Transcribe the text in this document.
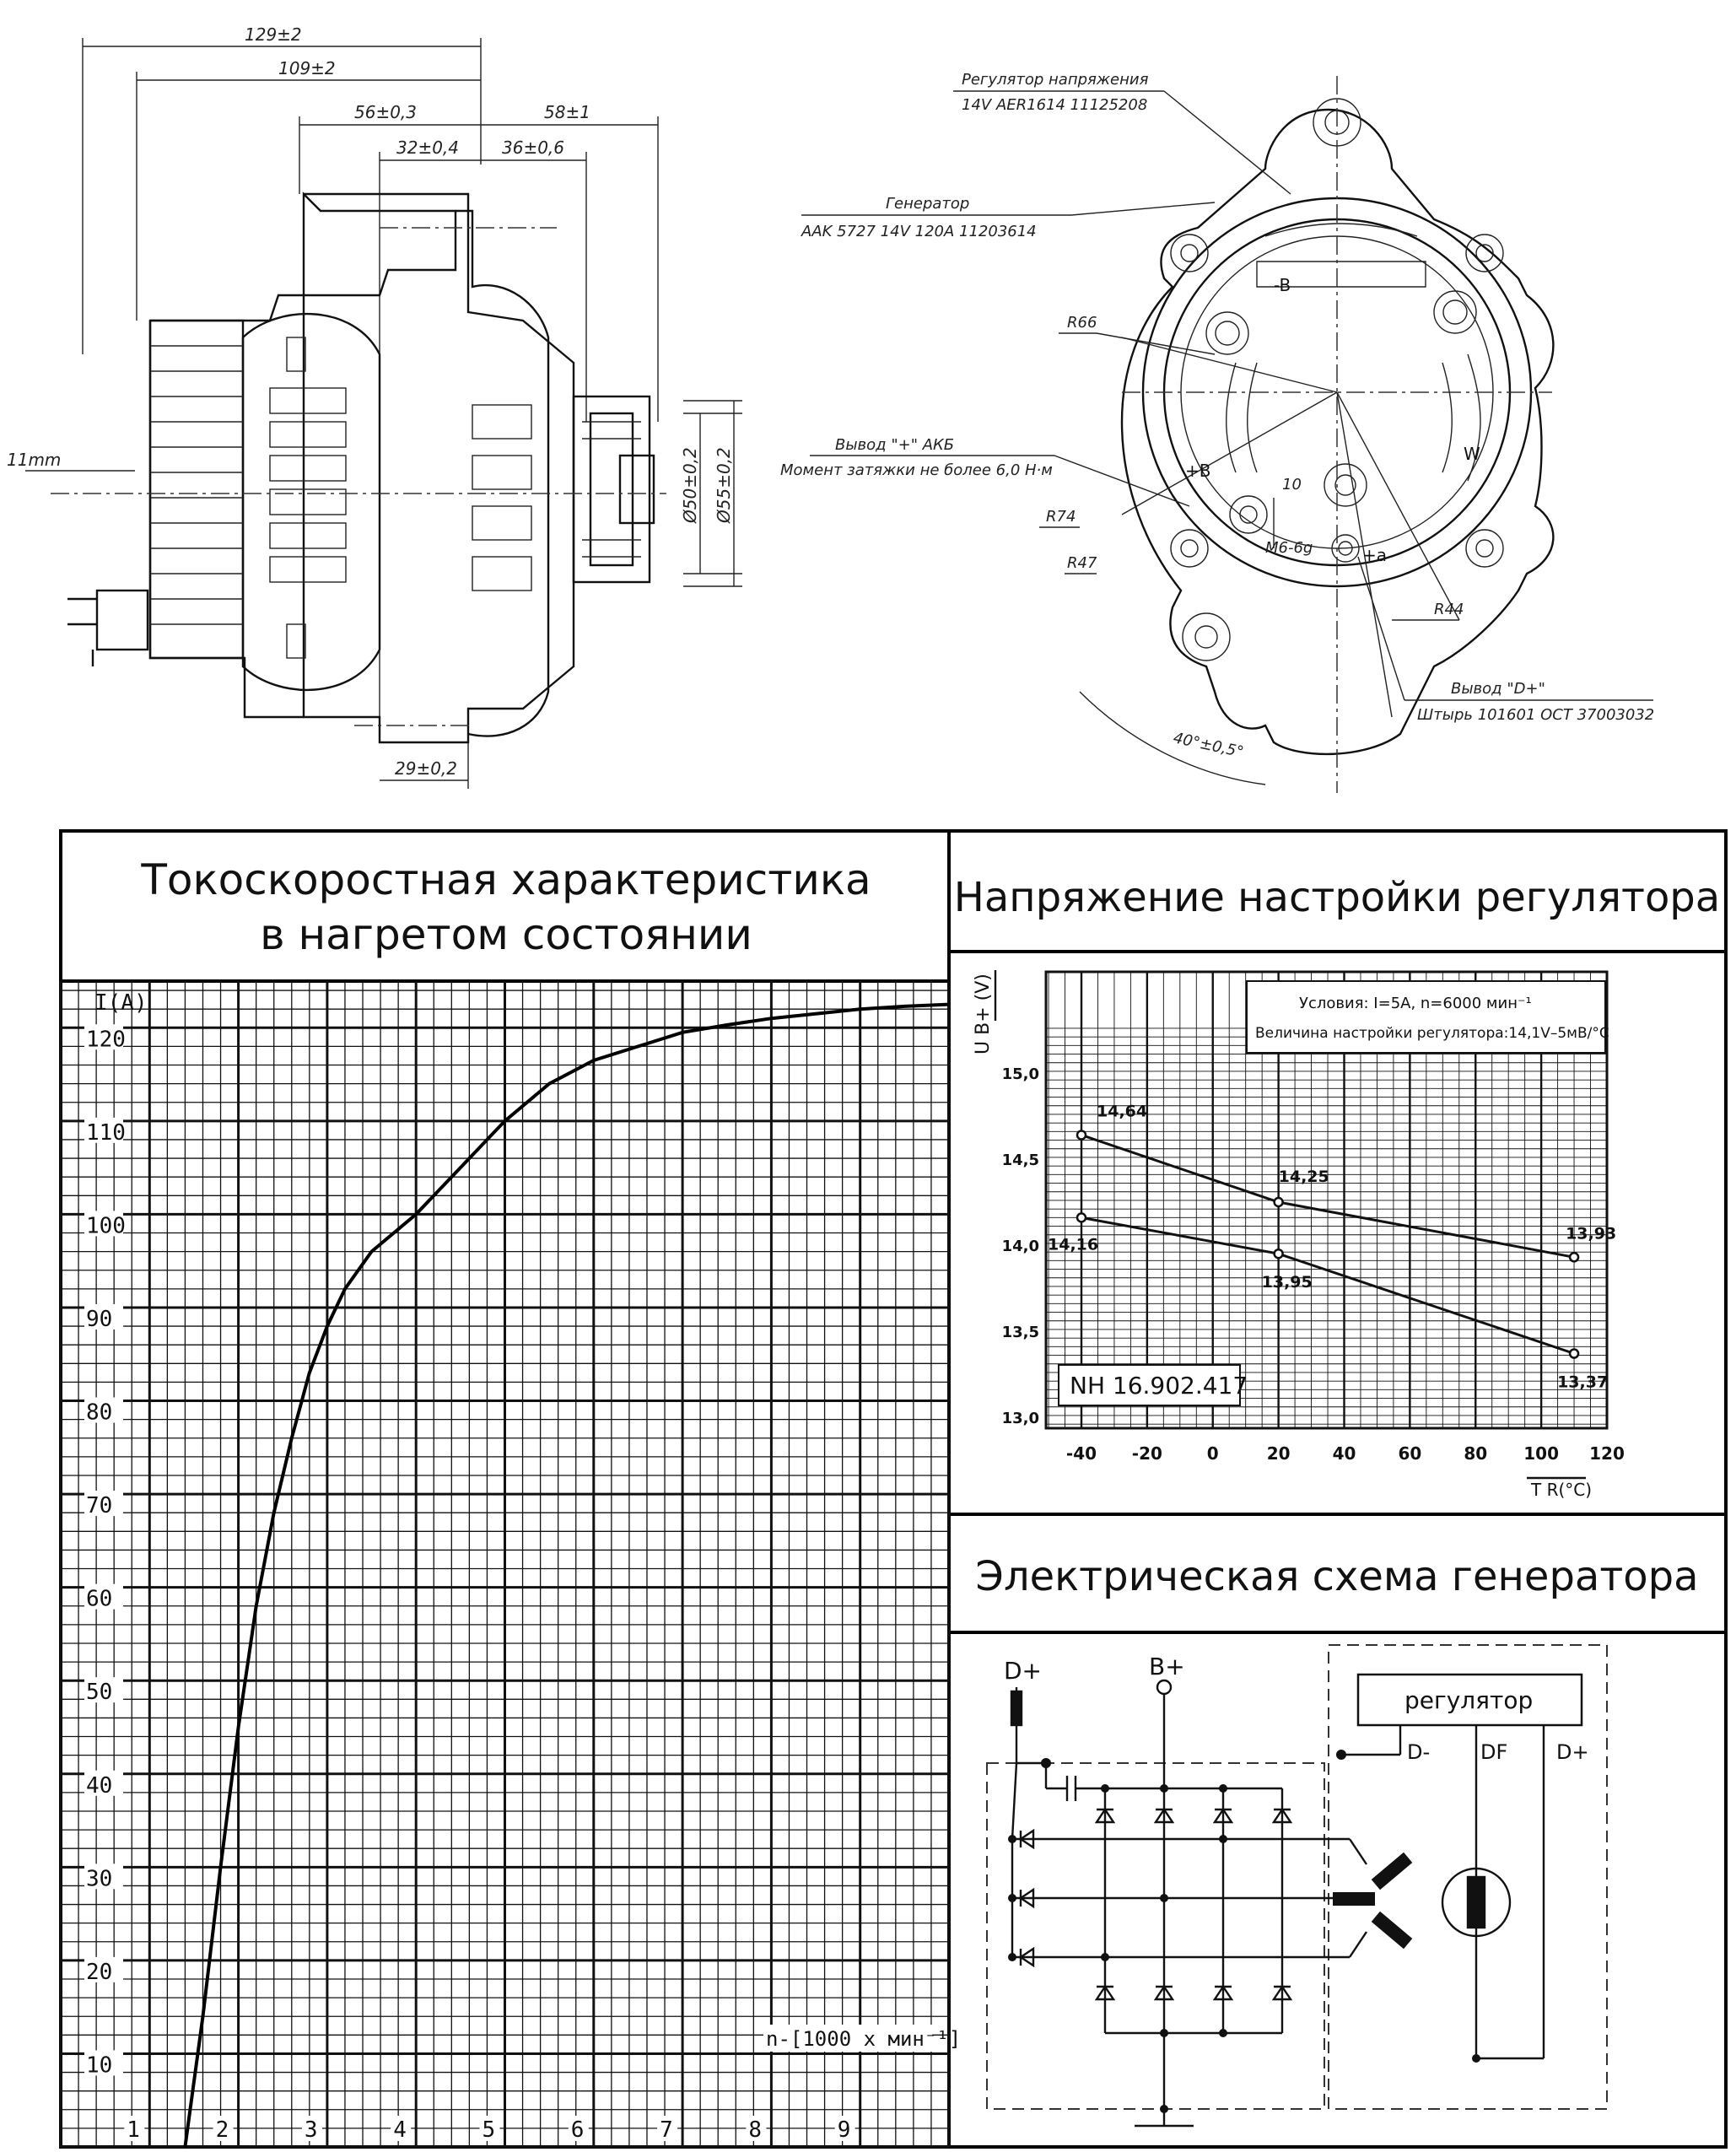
129±2
109±2
56±0,3	58±1
32±0,4	36±0,6
Ø50±0,2 Ø55±0,2
29±0,2
11mm
Регулятор напряжения
14V AER1614 11125208
Генератор
AAK 5727 14V 120A 11203614
Вывод "+" АКБ
Момент затяжки не более 6,0 Н·м
R66
R74
R47
R44
Вывод "D+"
Штырь 101601 ОСТ 37003032
40°±0,5°
-B
+B
+a
W
10
M6-6g
Токоскоростная характеристика
в нагретом состоянии
1	2	3	4	5	6	7	8	9
10
20
30
40
50
60
70
80
90
100
110
120
I(A)
n-[1000 х мин⁻¹]
Напряжение настройки регулятора
-40 -20	0	20	40	60	80 100 120
13,0
13,5
14,0
14,5
15,0
14,64
14,25
13,93
14,16
13,95
13,37
U B+ (V)
T R(°C)
Условия: I=5A, n=6000 мин⁻¹
Величина настройки регулятора:14,1V–5мВ/°C
NH 16.902.417
Электрическая схема генератора
регулятор
D- DF D+
D+	B+
